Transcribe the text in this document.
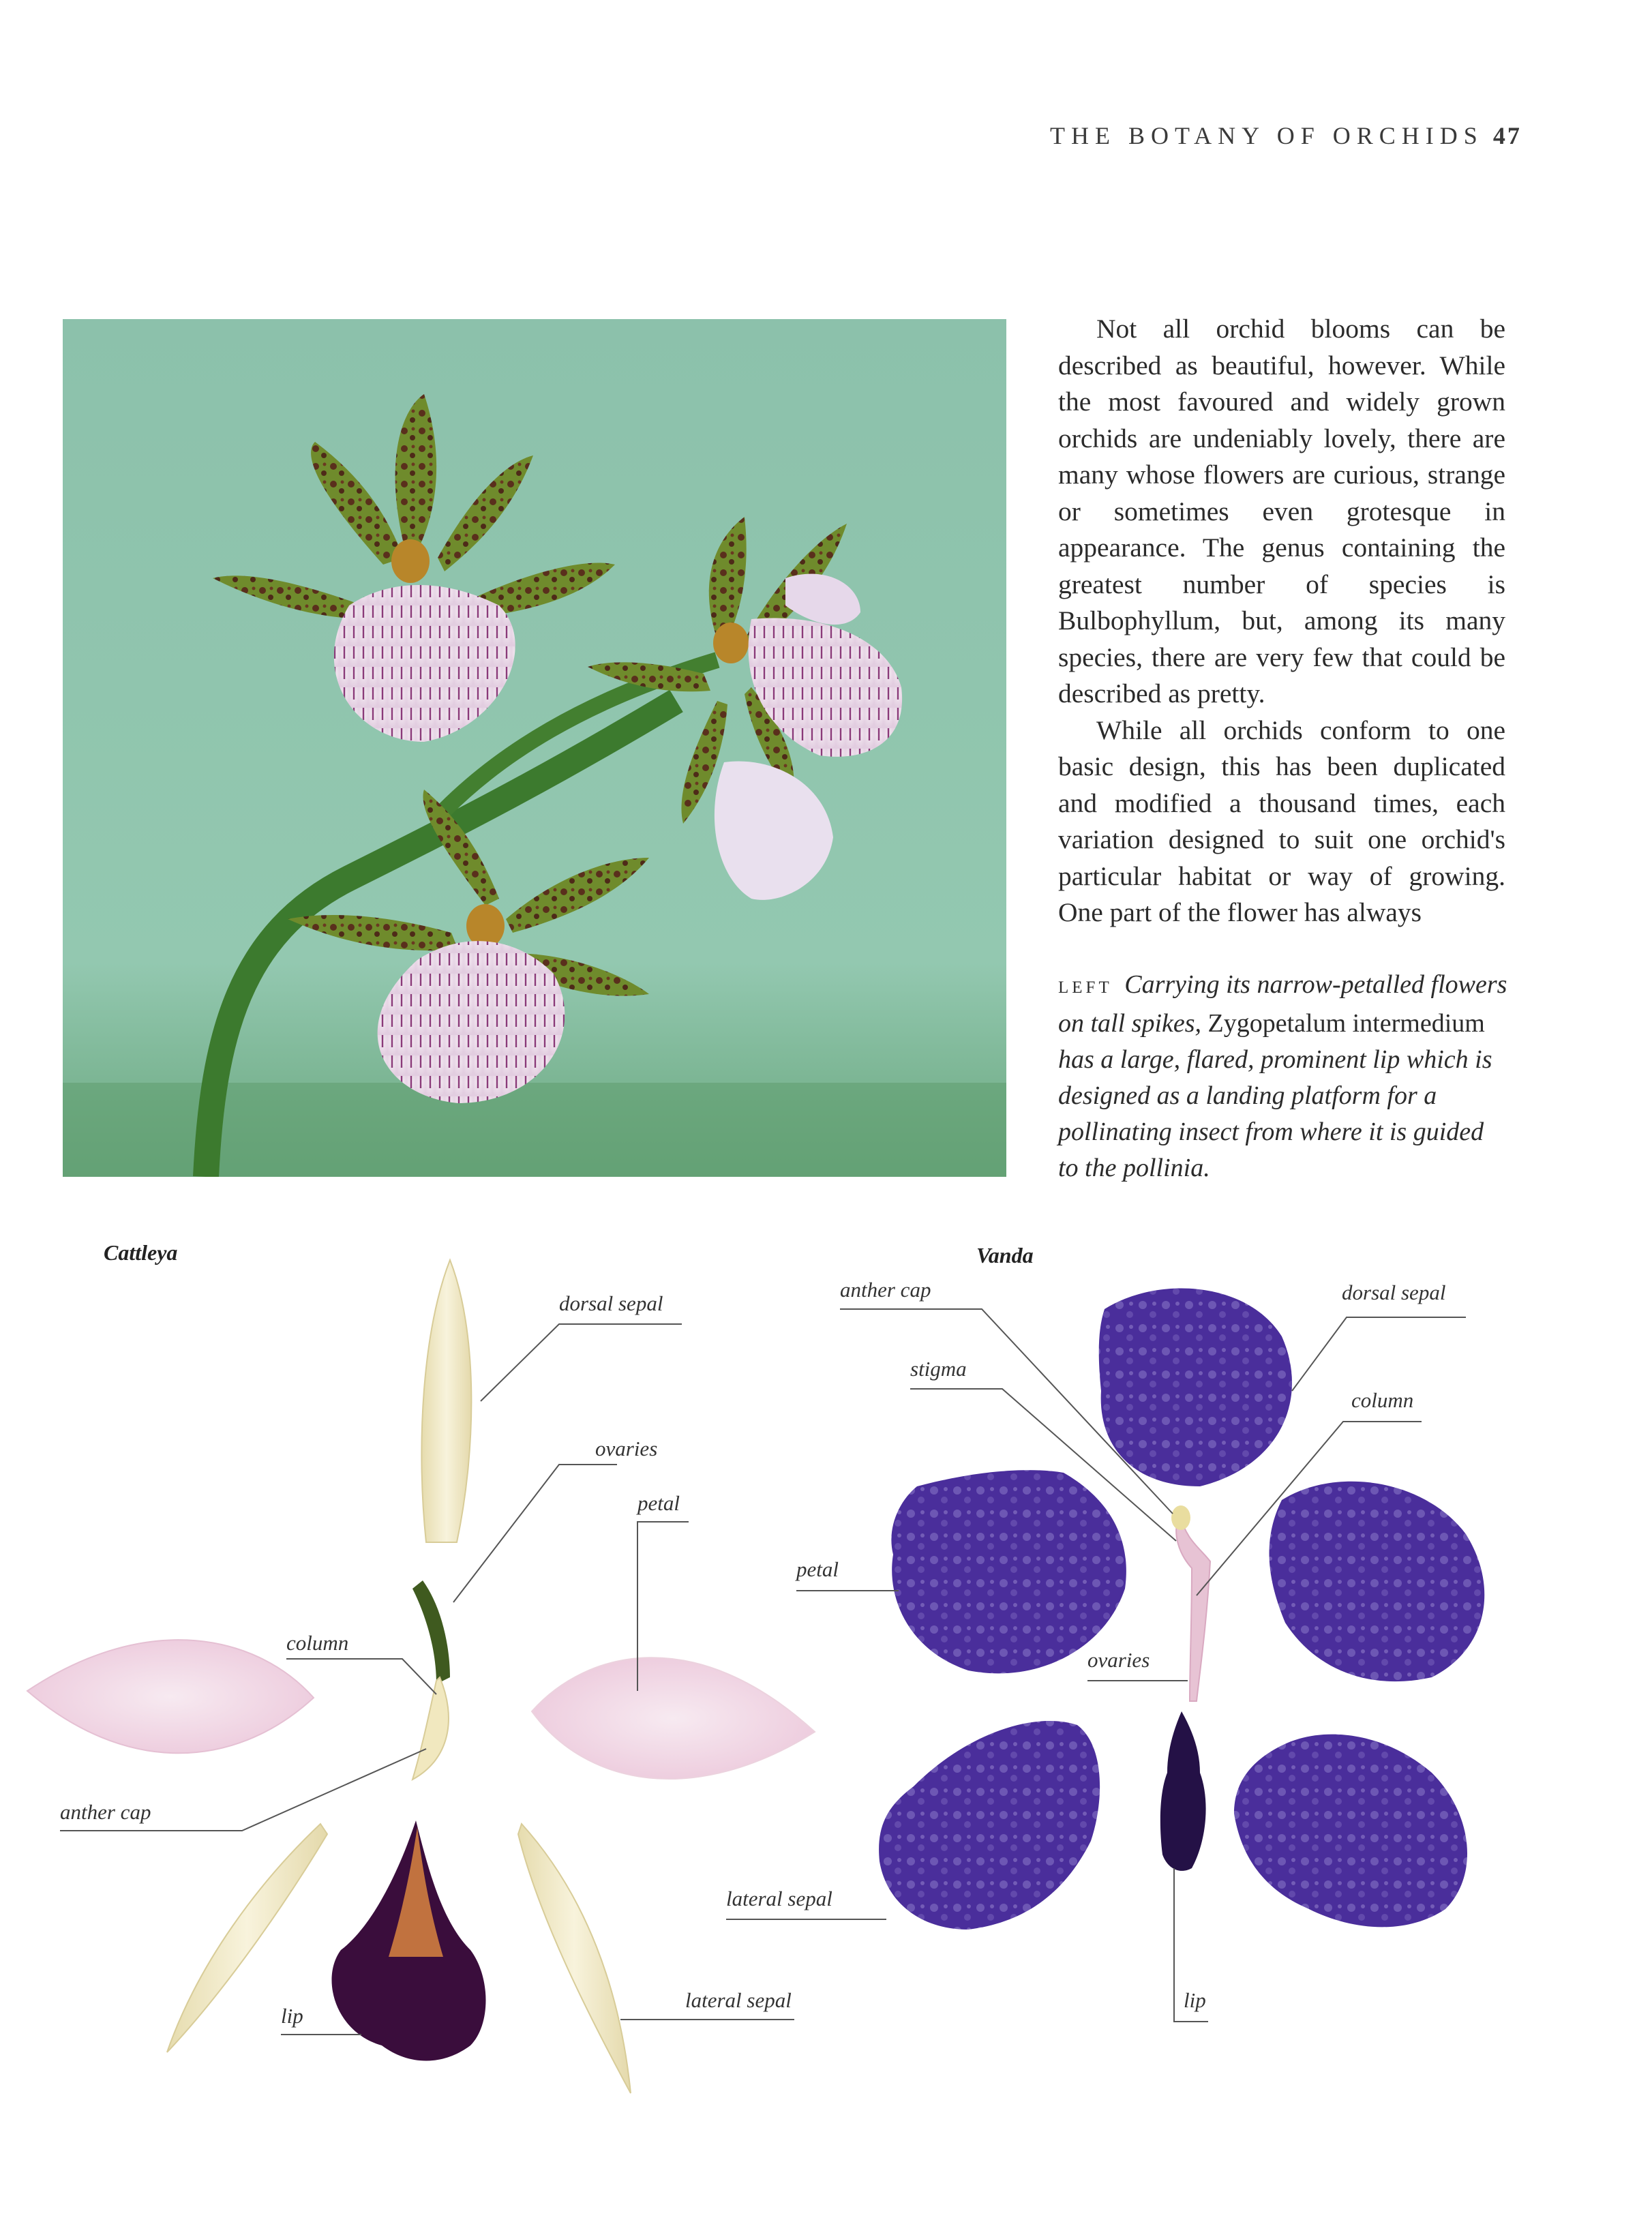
THE BOTANY OF ORCHIDS 47

Not all orchid blooms can be described as beautiful, however. While the most favoured and widely grown orchids are undeniably lovely, there are many whose flowers are curious, strange or sometimes even grotesque in appearance. The genus containing the greatest number of species is Bulbophyllum, but, among its many species, there are very few that could be described as pretty.

While all orchids conform to one basic design, this has been duplicated and modified a thousand times, each variation designed to suit one orchid's particular habitat or way of growing. One part of the flower has always

LEFT Carrying its narrow-petalled flowers on tall spikes, Zygopetalum intermedium has a large, flared, prominent lip which is designed as a landing platform for a pollinating insect from where it is guided to the pollinia.
Cattleya
dorsal sepal
ovaries
petal
column
anther cap
lip
lateral sepal
Vanda
anther cap	dorsal sepal
stigma
column
petal
ovaries
lateral sepal
lip
